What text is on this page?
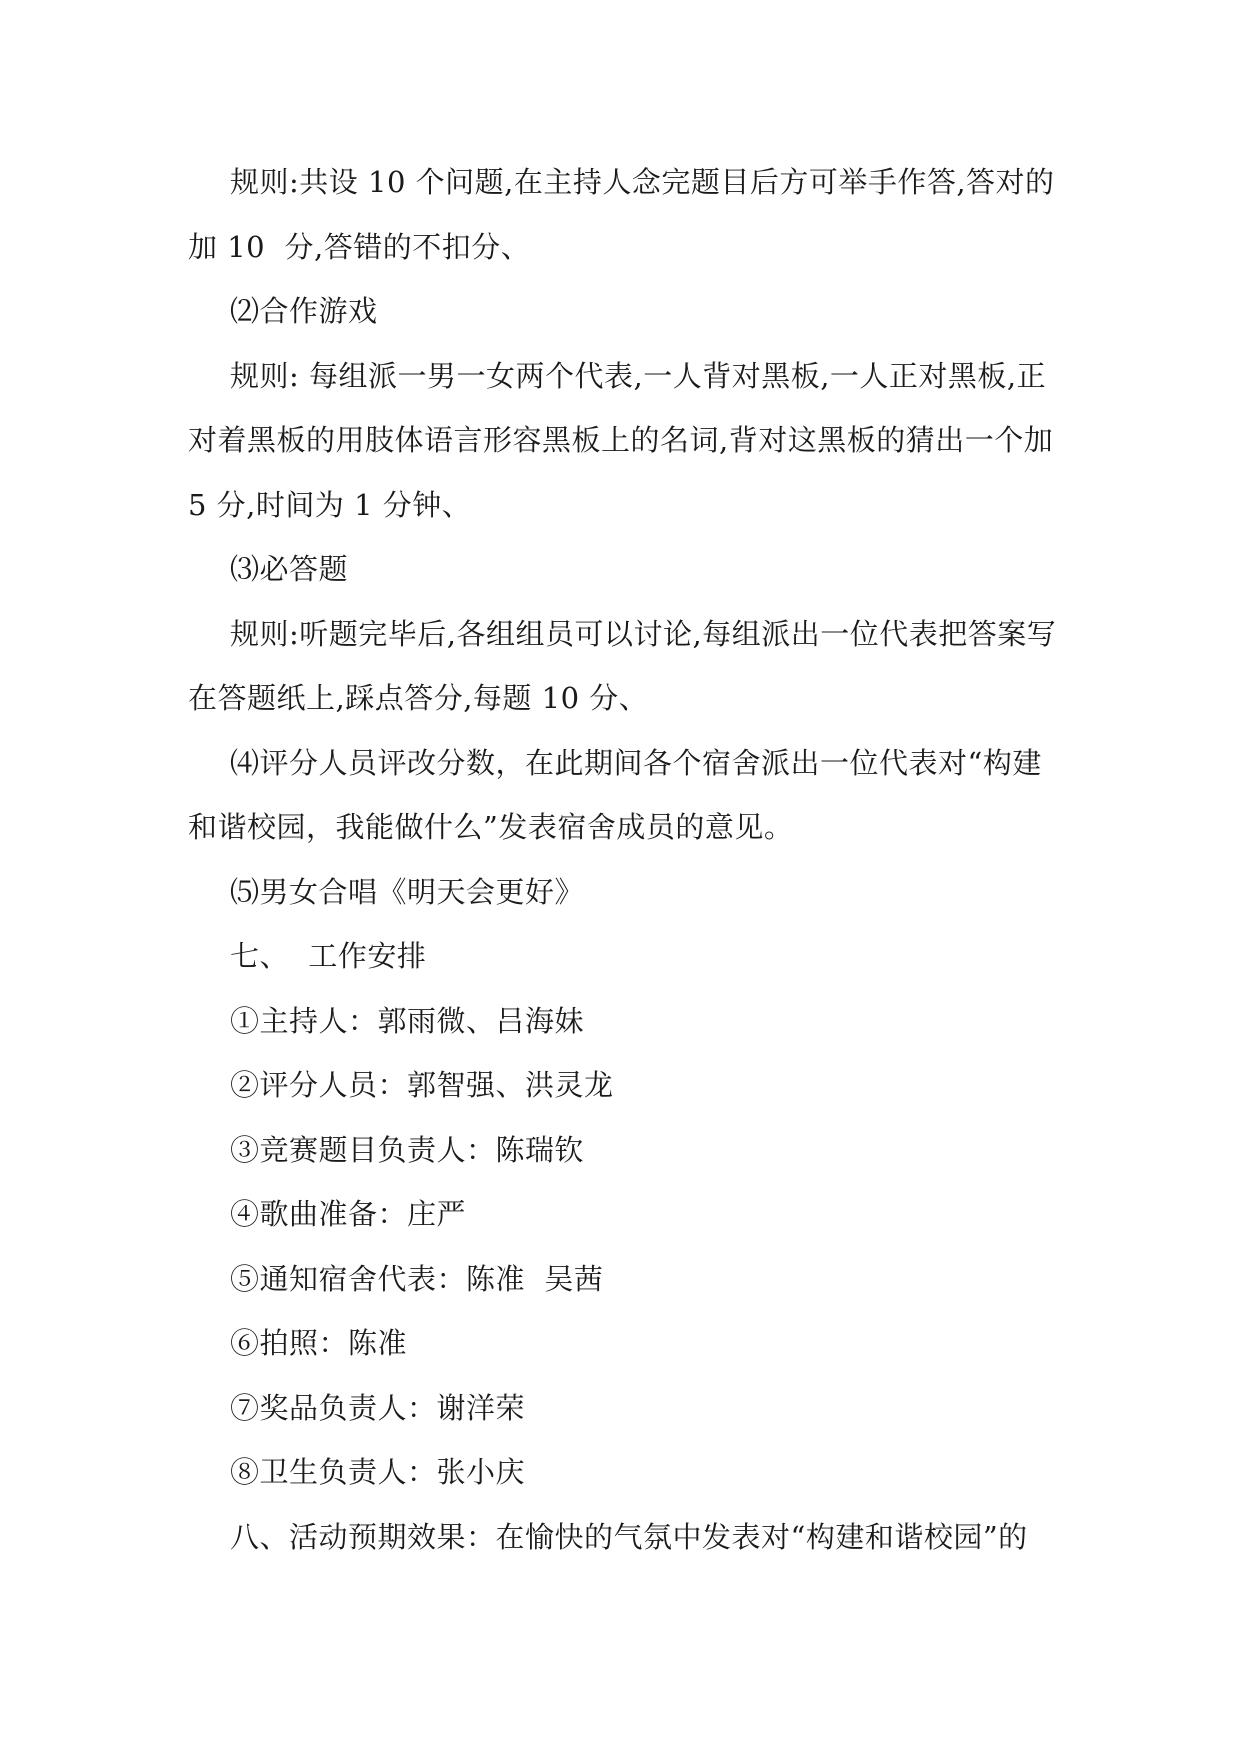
规则:共设 10 个问题,在主持人念完题目后方可举手作答,答对的加 10  分,答错的不扣分、

⑵合作游戏

规则: 每组派一男一女两个代表,一人背对黑板,一人正对黑板,正对着黑板的用肢体语言形容黑板上的名词,背对这黑板的猜出一个加 5 分,时间为 1 分钟、

⑶必答题

规则:听题完毕后,各组组员可以讨论,每组派出一位代表把答案写在答题纸上,踩点答分,每题 10 分、

⑷评分人员评改分数，在此期间各个宿舍派出一位代表对“构建和谐校园，我能做什么”发表宿舍成员的意见。

⑸男女合唱《明天会更好》

七、  工作安排

①主持人：郭雨微、吕海妹

②评分人员：郭智强、洪灵龙

③竞赛题目负责人：陈瑞钦

④歌曲准备：庄严

⑤通知宿舍代表：陈准  吴茜

⑥拍照：陈准

⑦奖品负责人：谢洋荣

⑧卫生负责人：张小庆

八、活动预期效果：在愉快的气氛中发表对“构建和谐校园”的
